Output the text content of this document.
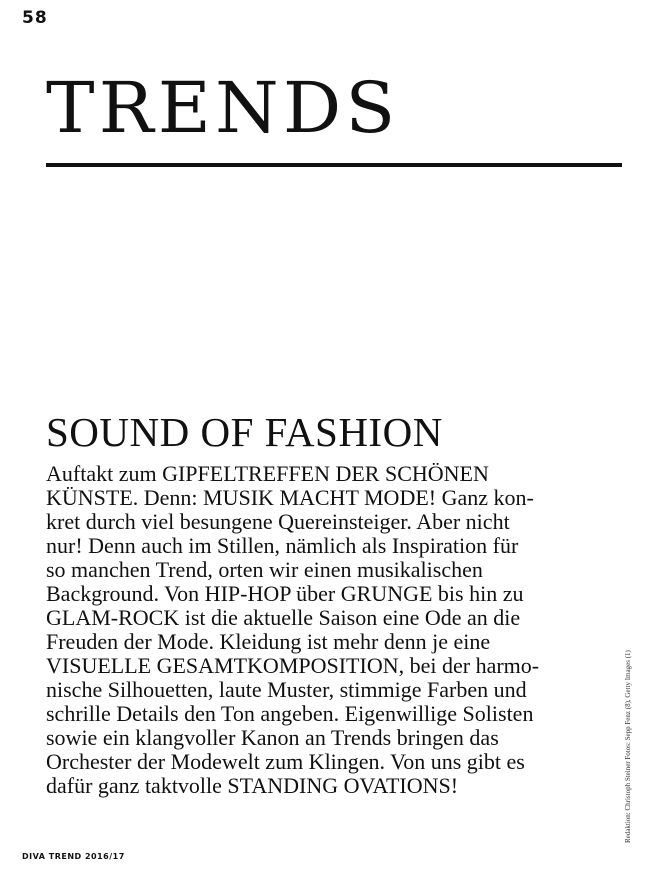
58
TRENDS
SOUND OF FASHION
Auftakt zum GIPFELTREFFEN DER SCHÖNEN
KÜNSTE. Denn: MUSIK MACHT MODE! Ganz kon-
kret durch viel besungene Quereinsteiger. Aber nicht
nur! Denn auch im Stillen, nämlich als Inspiration für
so manchen Trend, orten wir einen musikalischen
Background. Von HIP-HOP über GRUNGE bis hin zu
GLAM-ROCK ist die aktuelle Saison eine Ode an die
Freuden der Mode. Kleidung ist mehr denn je eine
VISUELLE GESAMTKOMPOSITION, bei der harmo-
nische Silhouetten, laute Muster, stimmige Farben und
schrille Details den Ton angeben. Eigenwillige Solisten
sowie ein klangvoller Kanon an Trends bringen das
Orchester der Modewelt zum Klingen. Von uns gibt es
dafür ganz taktvolle STANDING OVATIONS!	Redaktion: Christoph Steiner Fotos: Sepp Fenz (8), Getty Images (1)
DIVA TREND 2016/17
